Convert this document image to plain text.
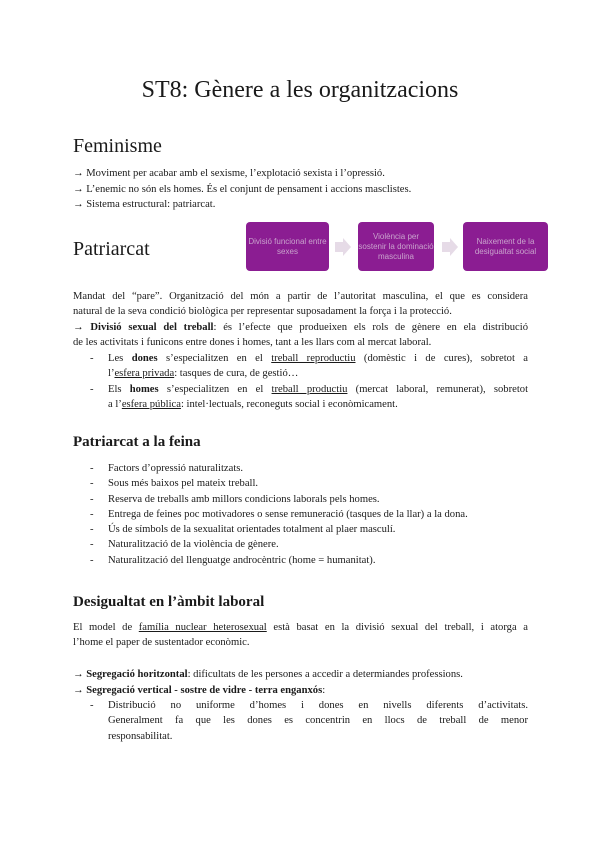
ST8: Gènere a les organitzacions
Feminisme

→ Moviment per acabar amb el sexisme, l’explotació sexista i l’opressió.

→ L’enemic no són els homes. És el conjunt de pensament i accions masclistes.

→ Sistema estructural: patriarcat.

Patriarcat	Divisió funcional entre sexes
Violència per sostenir la dominació masculina
Naixement de la desigualtat social

Mandat del “pare”. Organització del món a partir de l’autoritat masculina, el que es considera

natural de la seva condició biològica per representar suposadament la força i la protecció.

→ Divisió sexual del treball: és l’efecte que produeixen els rols de gènere en ela distribució

de les activitats i funicons entre dones i homes, tant a les llars com al mercat laboral.

- Les dones s’especialitzen en el treball reproductiu (domèstic i de cures), sobretot a
l’esfera privada: tasques de cura, de gestió…
- Els homes s’especialitzen en el treball productiu (mercat laboral, remunerat), sobretot
a l’esfera pública: intel·lectuals, reconeguts social i econòmicament.
Patriarcat a la feina
- Factors d’opressió naturalitzats.
- Sous més baixos pel mateix treball.
- Reserva de treballs amb millors condicions laborals pels homes.
- Entrega de feines poc motivadores o sense remuneració (tasques de la llar) a la dona.
- Ús de símbols de la sexualitat orientades totalment al plaer masculí.
- Naturalització de la violència de gènere.
- Naturalització del llenguatge androcèntric (home = humanitat).
Desigualtat en l’àmbit laboral

El model de família nuclear heterosexual està basat en la divisió sexual del treball, i atorga a

l’home el paper de sustentador econòmic.

→ Segregació horitzontal: dificultats de les persones a accedir a determiandes professions.

→ Segregació vertical - sostre de vidre - terra enganxós:

- Distribució no uniforme d’homes i dones en nivells diferents d’activitats.
Generalment fa que les dones es concentrin en llocs de treball de menor
responsabilitat.
